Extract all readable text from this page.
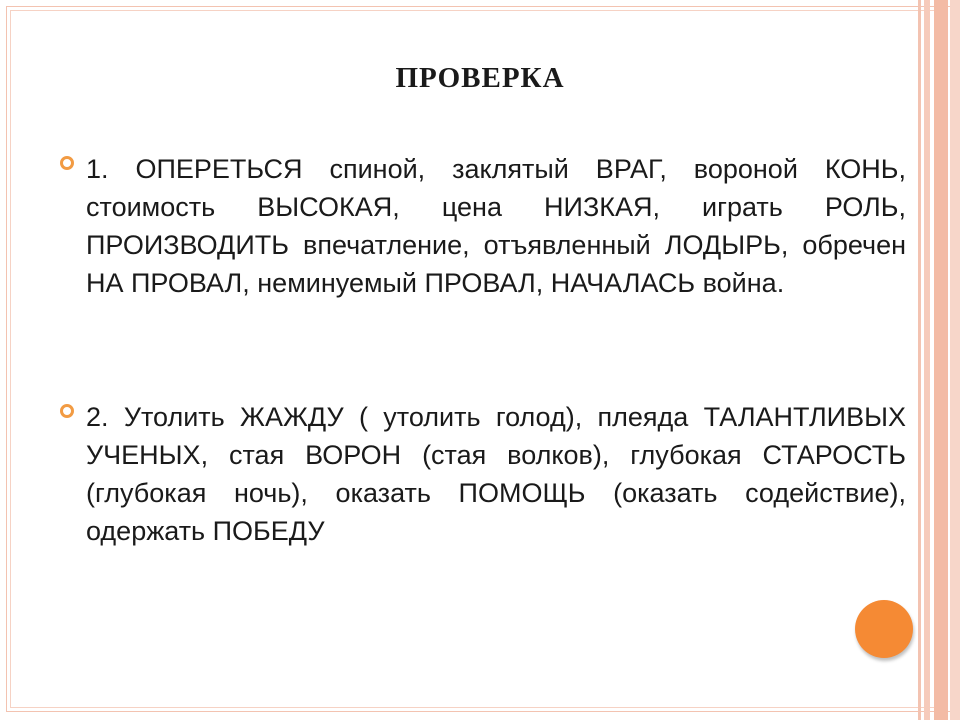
ПРОВЕРКА
1. ОПЕРЕТЬСЯ спиной, заклятый ВРАГ, вороной КОНЬ, стоимость ВЫСОКАЯ, цена НИЗКАЯ, играть РОЛЬ, ПРОИЗВОДИТЬ впечатление, отъявленный ЛОДЫРЬ, обречен НА ПРОВАЛ, неминуемый ПРОВАЛ, НАЧАЛАСЬ война.
2. Утолить ЖАЖДУ ( утолить голод), плеяда ТАЛАНТЛИВЫХ УЧЕНЫХ, стая ВОРОН (стая волков), глубокая СТАРОСТЬ (глубокая ночь), оказать ПОМОЩЬ (оказать содействие), одержать ПОБЕДУ
